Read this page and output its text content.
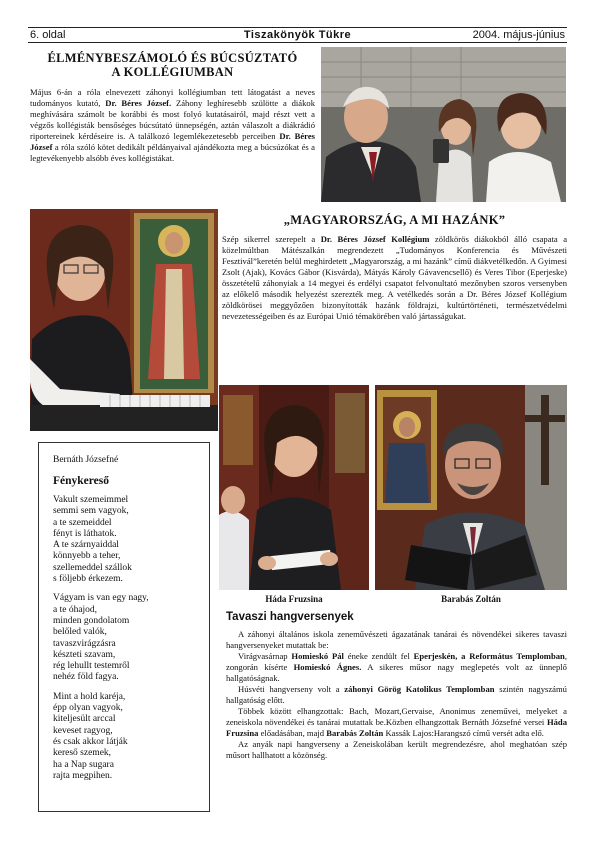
6. oldal	Tiszakönyök Tükre	2004. május-június
ÉLMÉNYBESZÁMOLÓ ÉS BÚCSÚZTATÓ
A KOLLÉGIUMBAN
Május 6-án a róla elnevezett záhonyi kollégiumban tett látogatást a neves tudományos kutató, Dr. Béres József. Záhony leghíresebb szülötte a diákok meghívására számolt be korábbi és most folyó kutatásairól, majd részt vett a végzős kollégisták bensőséges búcsútató ünnepségén, aztán válaszolt a diákrádió riportereinek kérdéseire is. A találkozó legemlékezetesebb perceiben Dr. Béres József a róla szóló kötet dedikált példányaival ajándékozta meg a búcsúzókat és a legtevékenyebb alsóbb éves kollégistákat.
„MAGYARORSZÁG, A MI HAZÁNK”
Szép sikerrel szerepelt a Dr. Béres József Kollégium zöldkörös diákokból álló csapata a közelmúltban Mátészalkán megrendezett „Tudományos Konferencia és Művészeti Fesztivál”keretén belül meghirdetett „Magyarország, a mi hazánk” című diákvetélkedőn. A Gyimesi Zsolt (Ajak), Kovács Gábor (Kisvárda), Mátyás Károly Gávavencsellő) és Veres Tibor (Eperjeske) összetételű záhonyiak a 14 megyei és erdélyi csapatot felvonultató mezőnyben szoros versenyben az előkelő második helyezést szerezték meg. A vetélkedés során a Dr. Béres József Kollégium zöldkörösei meggyőzően bizonyították hazánk földrajzi, kultúrtörténeti, természetvédelmi nevezetességeiben és az Európai Unió témakörében való jártasságukat.
Bernáth Józsefné
Fénykereső
Vakult szemeimmel
semmi sem vagyok,
a te szemeiddel
fényt is láthatok.
A te szárnyaiddal
könnyebb a teher,
szellemeddel szállok
s följebb érkezem.
Vágyam is van egy nagy,
a te óhajod,
minden gondolatom
belőled valók,
tavaszvirágzásra
készteti szavam,
rég lehullt testemről
nehéz föld fagya.
Mint a hold karéja,
épp olyan vagyok,
kiteljesült arccal
keveset ragyog,
és csak akkor látják
kereső szemek,
ha a Nap sugara
rajta megpihen.
Háda Fruzsina	Barabás Zoltán
Tavaszi hangversenyek
A záhonyi általános iskola zeneművészeti ágazatának tanárai és növendékei sikeres tavaszi hangversenyeket mutattak be:
Virágvasárnap Homieskó Pál éneke zendült fel Eperjeskén, a Református Templomban, zongorán kísérte Homieskó Ágnes. A sikeres műsor nagy meglepetés volt az ünneplő hallgatóságnak.
Húsvéti hangverseny volt a záhonyi Görög Katolikus Templomban szintén nagyszámú hallgatóság előtt.
Többek között elhangzottak: Bach, Mozart,Gervaise, Anonimus zeneművei, melyeket a zeneiskola növendékei és tanárai mutattak be.Közben elhangzottak Bernáth Józsefné versei Háda Fruzsina előadásában, majd Barabás Zoltán Kassák Lajos:Harangszó című versét adta elő.
Az anyák napi hangverseny a Zeneiskolában került megrendezésre, ahol meghatóan szép műsort hallhatott a közönség.
